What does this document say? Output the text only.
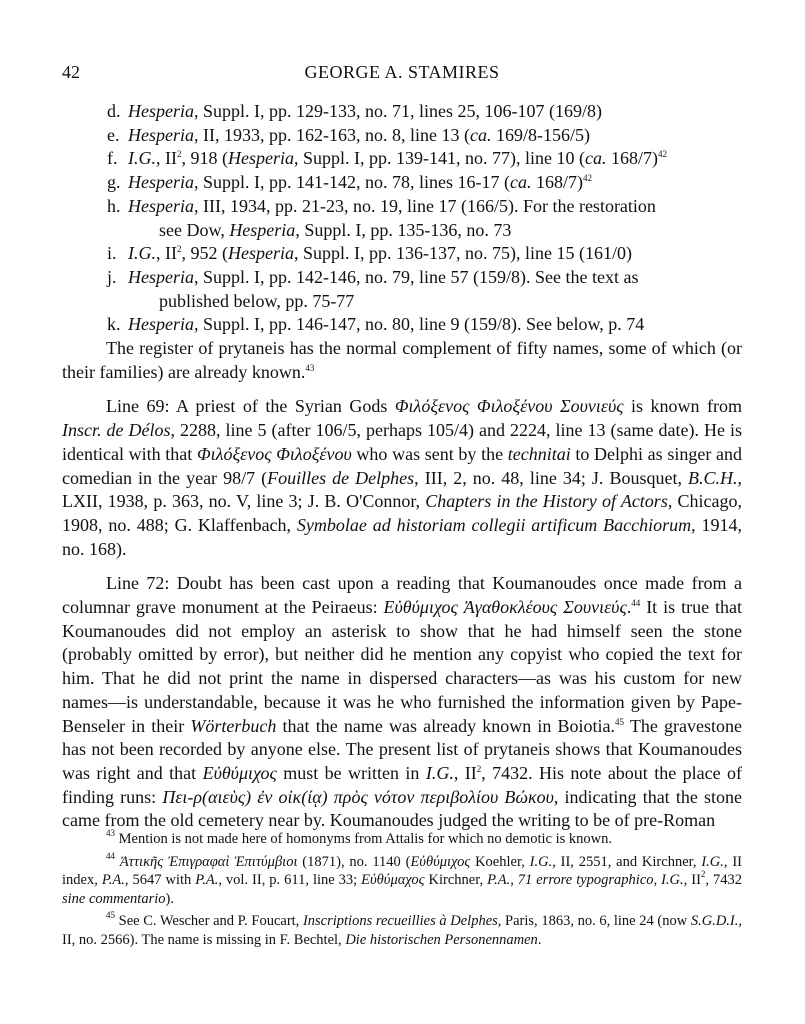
42	GEORGE A. STAMIRES
d. Hesperia, Suppl. I, pp. 129-133, no. 71, lines 25, 106-107 (169/8)
e. Hesperia, II, 1933, pp. 162-163, no. 8, line 13 (ca. 169/8-156/5)
f. I.G., $II^2$, 918 (Hesperia, Suppl. I, pp. 139-141, no. 77), line 10 (ca. 168/7)$^{42}$
g. Hesperia, Suppl. I, pp. 141-142, no. 78, lines 16-17 (ca. 168/7)$^{42}$
h. Hesperia, III, 1934, pp. 21-23, no. 19, line 17 (166/5). For the restoration
see Dow, Hesperia, Suppl. I, pp. 135-136, no. 73
i. I.G., $II^2$, 952 (Hesperia, Suppl. I, pp. 136-137, no. 75), line 15 (161/0)
j. Hesperia, Suppl. I, pp. 142-146, no. 79, line 57 (159/8). See the text as
published below, pp. 75-77
k. Hesperia, Suppl. I, pp. 146-147, no. 80, line 9 (159/8). See below, p. 74

The register of prytaneis has the normal complement of fifty names, some of which (or their families) are already known.$^{43}$

Line 69: A priest of the Syrian Gods Φιλόξενος Φιλοξένου Σουνιεύς is known from Inscr. de Délos, 2288, line 5 (after 106/5, perhaps 105/4) and 2224, line 13 (same date). He is identical with that Φιλόξενος Φιλοξένου who was sent by the technitai to Delphi as singer and comedian in the year 98/7 (Fouilles de Delphes, III, 2, no. 48, line 34; J. Bousquet, B.C.H., LXII, 1938, p. 363, no. V, line 3; J. B. O'Connor, Chapters in the History of Actors, Chicago, 1908, no. 488; G. Klaffenbach, Symbolae ad historiam collegii artificum Bacchiorum, 1914, no. 168).

Line 72: Doubt has been cast upon a reading that Koumanoudes once made from a columnar grave monument at the Peiraeus: Εὐθύμιχος Ἀγαθοκλέους Σουνιεύς.$^{44}$ It is true that Koumanoudes did not employ an asterisk to show that he had himself seen the stone (probably omitted by error), but neither did he mention any copyist who copied the text for him. That he did not print the name in dispersed characters—as was his custom for new names—is understandable, because it was he who furnished the information given by Pape-Benseler in their Wörterbuch that the name was already known in Boiotia.$^{45}$ The gravestone has not been recorded by anyone else. The present list of prytaneis shows that Koumanoudes was right and that Εὐθύμιχος must be written in I.G., $II^2$, 7432. His note about the place of finding runs: Πει-ρ(αιεὺς) ἐν οἰκ(ίᾳ) πρὸς νότον περιβολίου Βώκου, indicating that the stone came from the old cemetery near by. Koumanoudes judged the writing to be of pre-Roman

$^{43}$ Mention is not made here of homonyms from Attalis for which no demotic is known.

$^{44}$ Ἀττικῆς Ἐπιγραφαὶ Ἐπιτύμβιοι (1871), no. 1140 (Εὐθύμιχος Koehler, I.G., II, 2551, and Kirchner, I.G., II index, P.A., 5647 with P.A., vol. II, p. 611, line 33; Εὐθύμαχος Kirchner, P.A., 71 errore typographico, I.G., $II^2$, 7432 sine commentario).

$^{45}$ See C. Wescher and P. Foucart, Inscriptions recueillies à Delphes, Paris, 1863, no. 6, line 24 (now S.G.D.I., II, no. 2566). The name is missing in F. Bechtel, Die historischen Personennamen.
